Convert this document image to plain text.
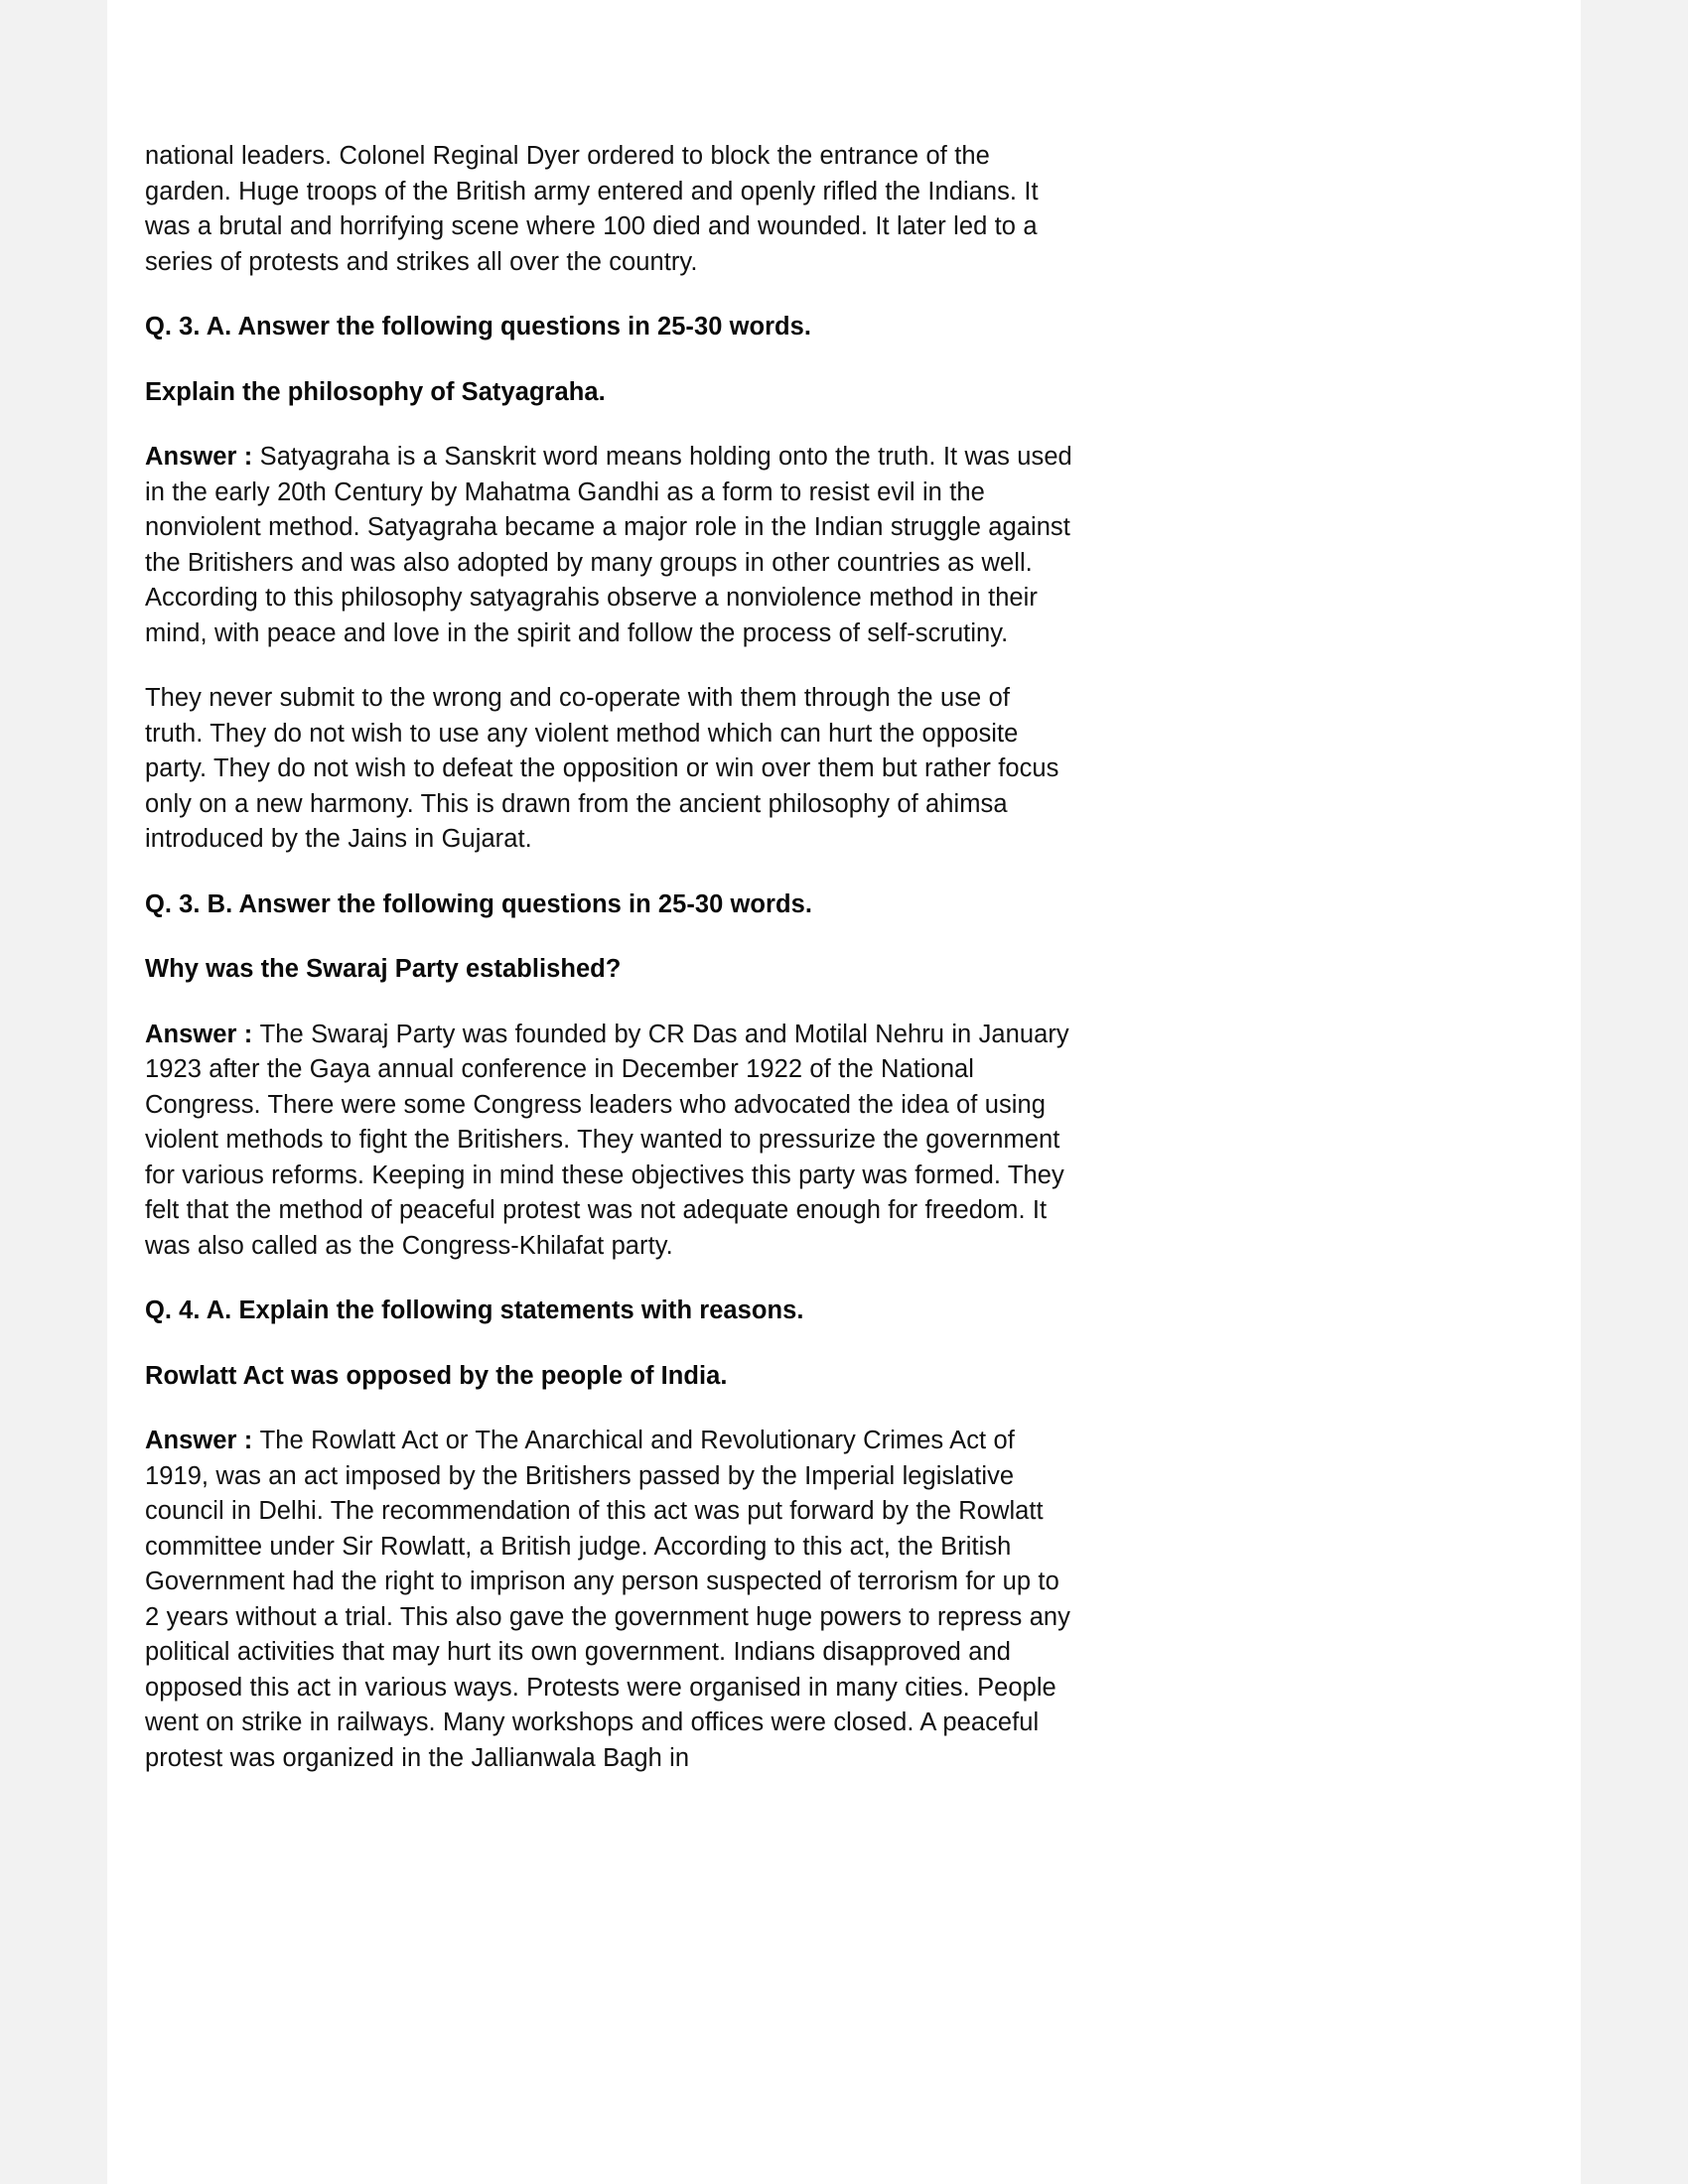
national leaders. Colonel Reginal Dyer ordered to block the entrance of the garden. Huge troops of the British army entered and openly rifled the Indians. It was a brutal and horrifying scene where 100 died and wounded. It later led to a series of protests and strikes all over the country.

Q. 3. A. Answer the following questions in 25-30 words.
Explain the philosophy of Satyagraha.

Answer : Satyagraha is a Sanskrit word means holding onto the truth. It was used in the early 20th Century by Mahatma Gandhi as a form to resist evil in the nonviolent method. Satyagraha became a major role in the Indian struggle against the Britishers and was also adopted by many groups in other countries as well. According to this philosophy satyagrahis observe a nonviolence method in their mind, with peace and love in the spirit and follow the process of self-scrutiny.

They never submit to the wrong and co-operate with them through the use of truth. They do not wish to use any violent method which can hurt the opposite party. They do not wish to defeat the opposition or win over them but rather focus only on a new harmony. This is drawn from the ancient philosophy of ahimsa introduced by the Jains in Gujarat.

Q. 3. B. Answer the following questions in 25-30 words.
Why was the Swaraj Party established?

Answer : The Swaraj Party was founded by CR Das and Motilal Nehru in January 1923 after the Gaya annual conference in December 1922 of the National Congress. There were some Congress leaders who advocated the idea of using violent methods to fight the Britishers. They wanted to pressurize the government for various reforms. Keeping in mind these objectives this party was formed. They felt that the method of peaceful protest was not adequate enough for freedom. It was also called as the Congress-Khilafat party.

Q. 4. A. Explain the following statements with reasons.
Rowlatt Act was opposed by the people of India.

Answer : The Rowlatt Act or The Anarchical and Revolutionary Crimes Act of 1919, was an act imposed by the Britishers passed by the Imperial legislative council in Delhi. The recommendation of this act was put forward by the Rowlatt committee under Sir Rowlatt, a British judge. According to this act, the British Government had the right to imprison any person suspected of terrorism for up to 2 years without a trial. This also gave the government huge powers to repress any political activities that may hurt its own government. Indians disapproved and opposed this act in various ways. Protests were organised in many cities. People went on strike in railways. Many workshops and offices were closed. A peaceful protest was organized in the Jallianwala Bagh in
